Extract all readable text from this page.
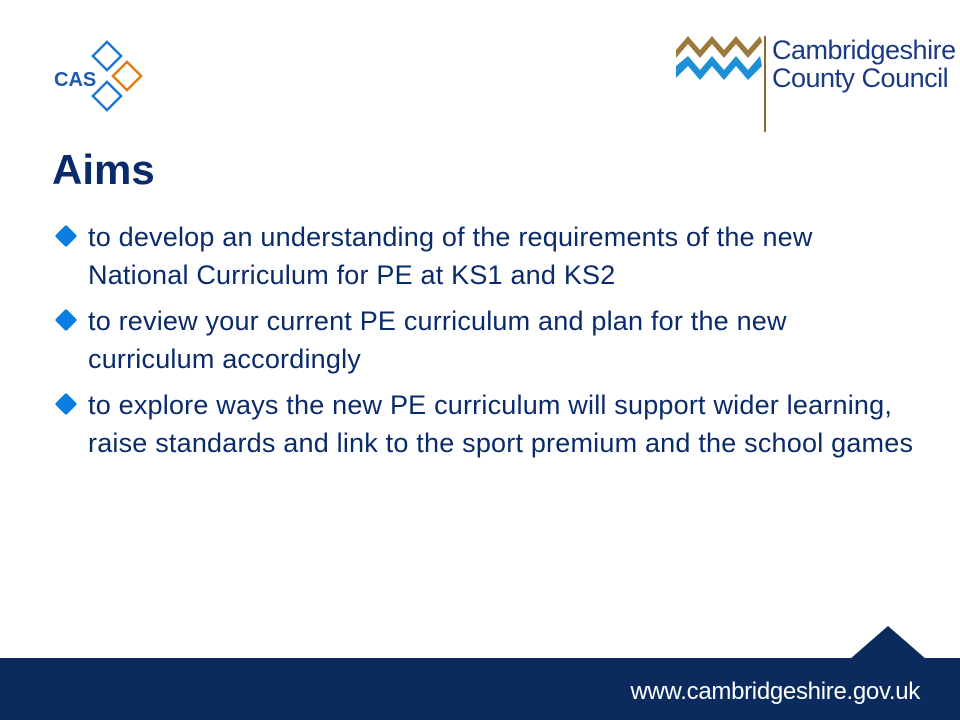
CAS
Cambridgeshire
County Council
Aims
to develop an understanding of the requirements of the new National Curriculum for PE at KS1 and KS2
to review your current PE curriculum and plan for the new curriculum accordingly
to explore ways the new PE curriculum will support wider learning, raise standards and link to the sport premium and the school games
www.cambridgeshire.gov.uk
